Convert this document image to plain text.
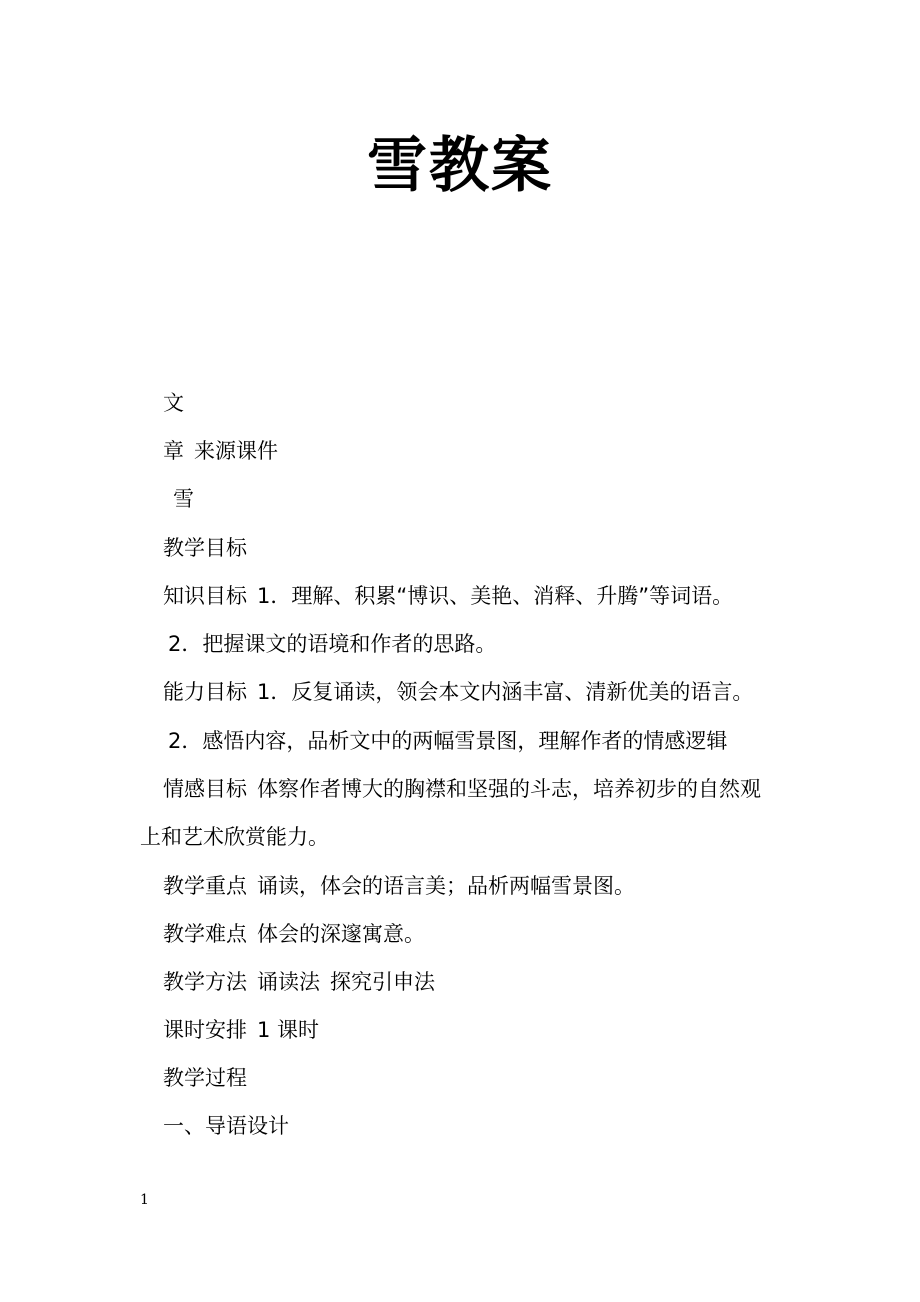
雪教案
文
章 来源课件
雪
教学目标
知识目标 1．理解、积累“博识、美艳、消释、升腾”等词语。
2．把握课文的语境和作者的思路。
能力目标 1．反复诵读，领会本文内涵丰富、清新优美的语言。
2．感悟内容，品析文中的两幅雪景图，理解作者的情感逻辑
情感目标 体察作者博大的胸襟和坚强的斗志，培养初步的自然观
上和艺术欣赏能力。
教学重点 诵读，体会的语言美；品析两幅雪景图。
教学难点 体会的深邃寓意。
教学方法 诵读法 探究引申法
课时安排 1 课时
教学过程
一、导语设计
1
